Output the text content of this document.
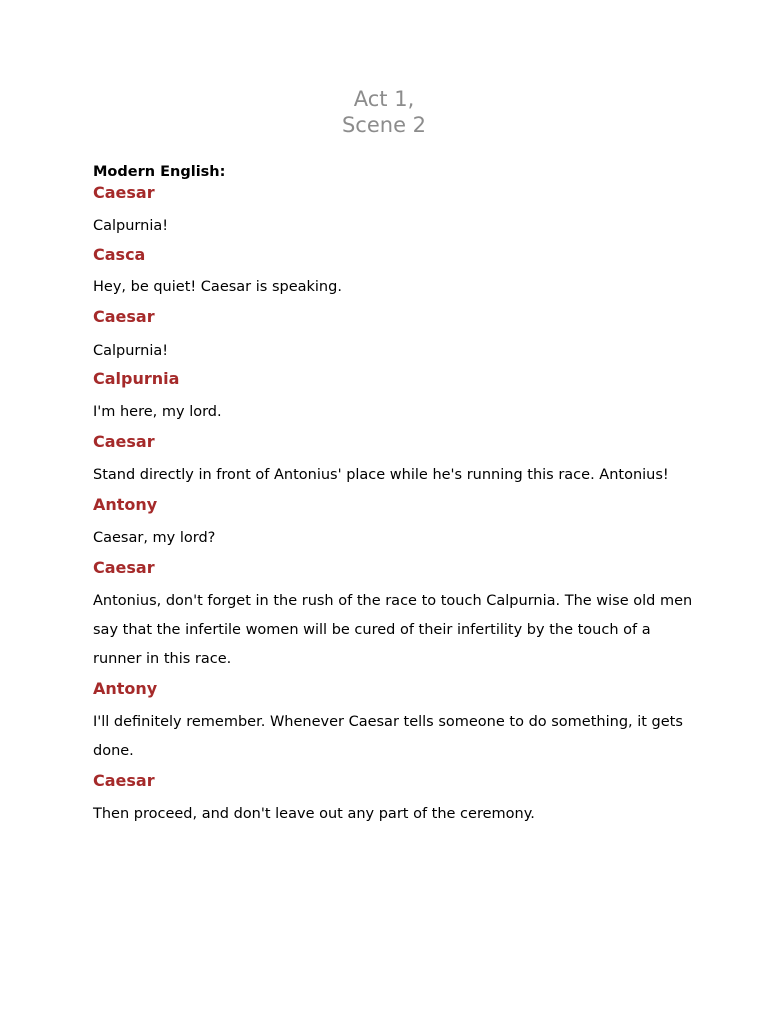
Act 1,
Scene 2

Modern English:

Caesar

Calpurnia!

Casca

Hey, be quiet! Caesar is speaking.

Caesar

Calpurnia!

Calpurnia

I'm here, my lord.

Caesar

Stand directly in front of Antonius' place while he's running this race. Antonius!

Antony

Caesar, my lord?

Caesar

Antonius, don't forget in the rush of the race to touch Calpurnia. The wise old men say that the infertile women will be cured of their infertility by the touch of a runner in this race.

Antony

I'll definitely remember. Whenever Caesar tells someone to do something, it gets done.

Caesar

Then proceed, and don't leave out any part of the ceremony.
